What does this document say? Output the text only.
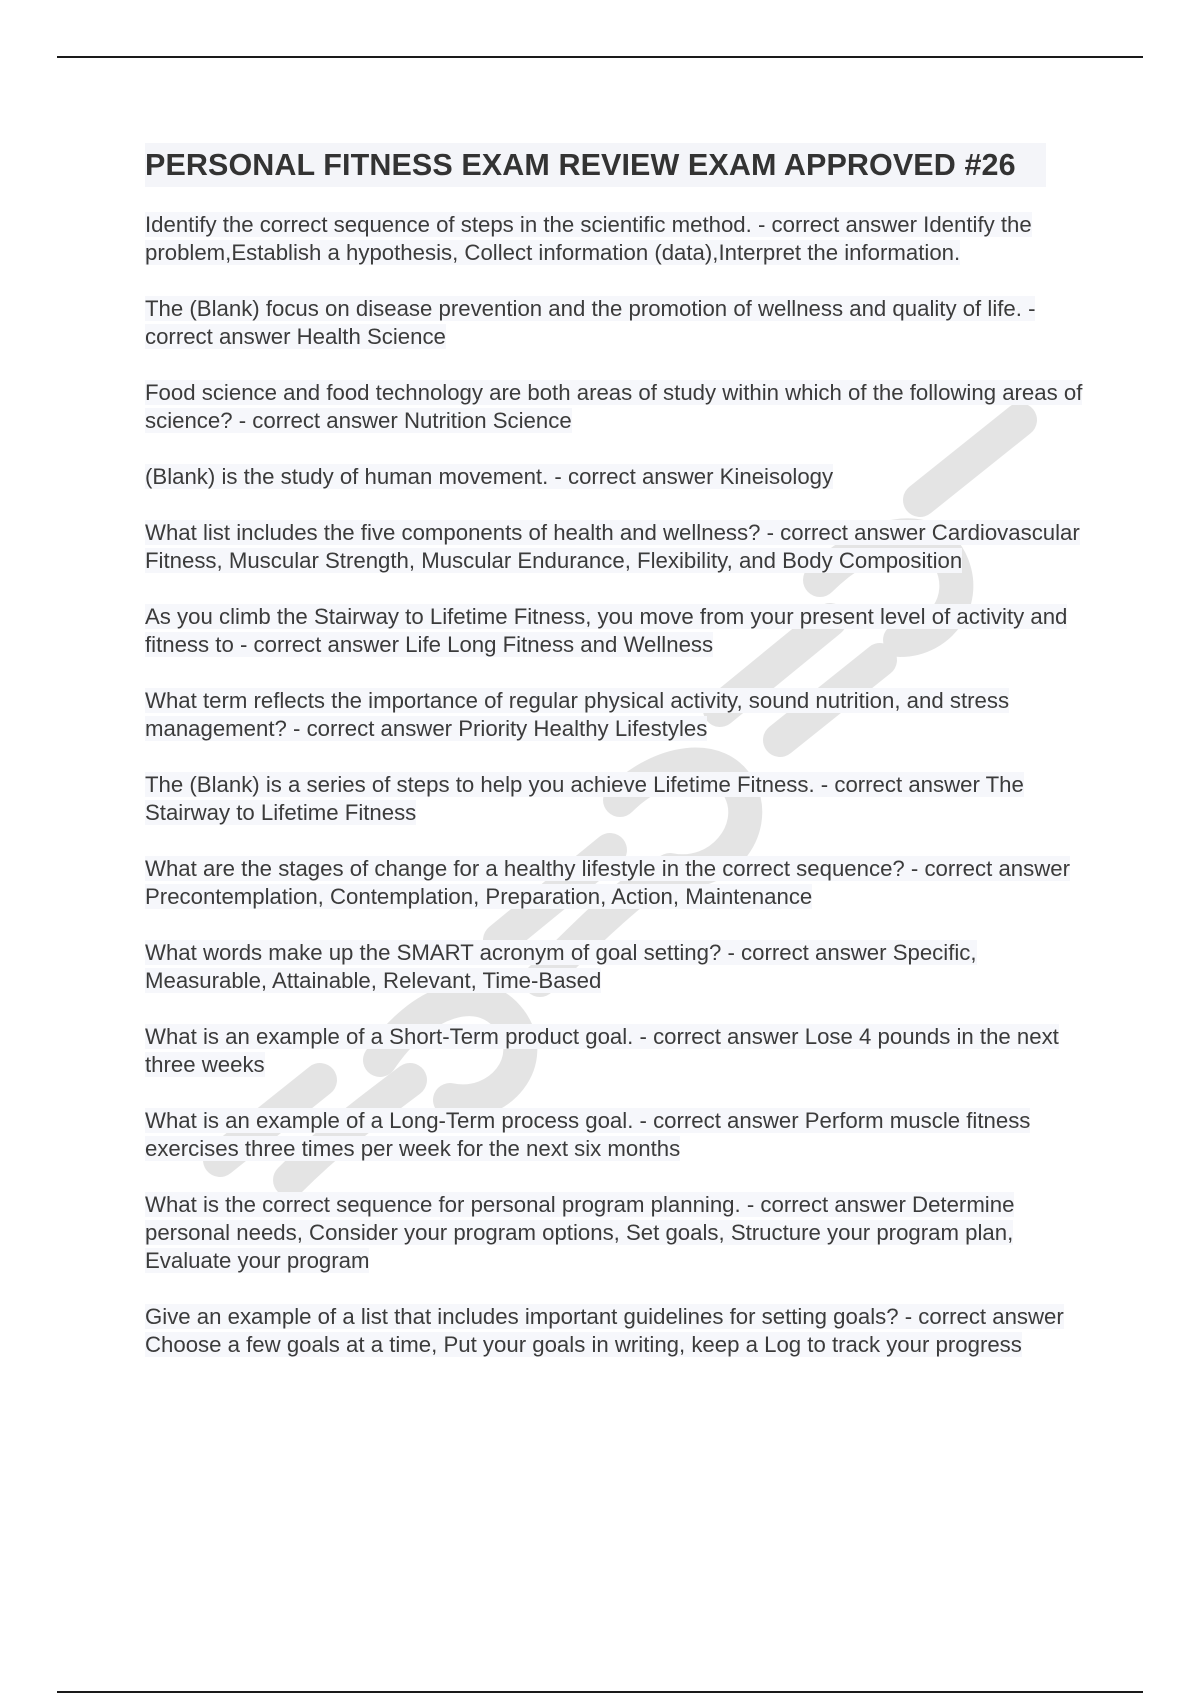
PERSONAL FITNESS EXAM REVIEW EXAM APPROVED #26
Identify the correct sequence of steps in the scientific method. - correct answer Identify the problem,Establish a hypothesis, Collect information (data),Interpret the information.
The (Blank) focus on disease prevention and the promotion of wellness and quality of life. - correct answer Health Science
Food science and food technology are both areas of study within which of the following areas of science? - correct answer Nutrition Science
(Blank) is the study of human movement. - correct answer Kineisology
What list includes the five components of health and wellness? - correct answer Cardiovascular Fitness, Muscular Strength, Muscular Endurance, Flexibility, and Body Composition
As you climb the Stairway to Lifetime Fitness, you move from your present level of activity and fitness to - correct answer Life Long Fitness and Wellness
What term reflects the importance of regular physical activity, sound nutrition, and stress management? - correct answer Priority Healthy Lifestyles
The (Blank) is a series of steps to help you achieve Lifetime Fitness. - correct answer The Stairway to Lifetime Fitness
What are the stages of change for a healthy lifestyle in the correct sequence? - correct answer Precontemplation, Contemplation, Preparation, Action, Maintenance
What words make up the SMART acronym of goal setting? - correct answer Specific, Measurable, Attainable, Relevant, Time-Based
What is an example of a Short-Term product goal. - correct answer Lose 4 pounds in the next three weeks
What is an example of a Long-Term process goal. - correct answer Perform muscle fitness exercises three times per week for the next six months
What is the correct sequence for personal program planning. - correct answer Determine personal needs, Consider your program options, Set goals, Structure your program plan, Evaluate your program
Give an example of a list that includes important guidelines for setting goals? - correct answer Choose a few goals at a time, Put your goals in writing, keep a Log to track your progress
